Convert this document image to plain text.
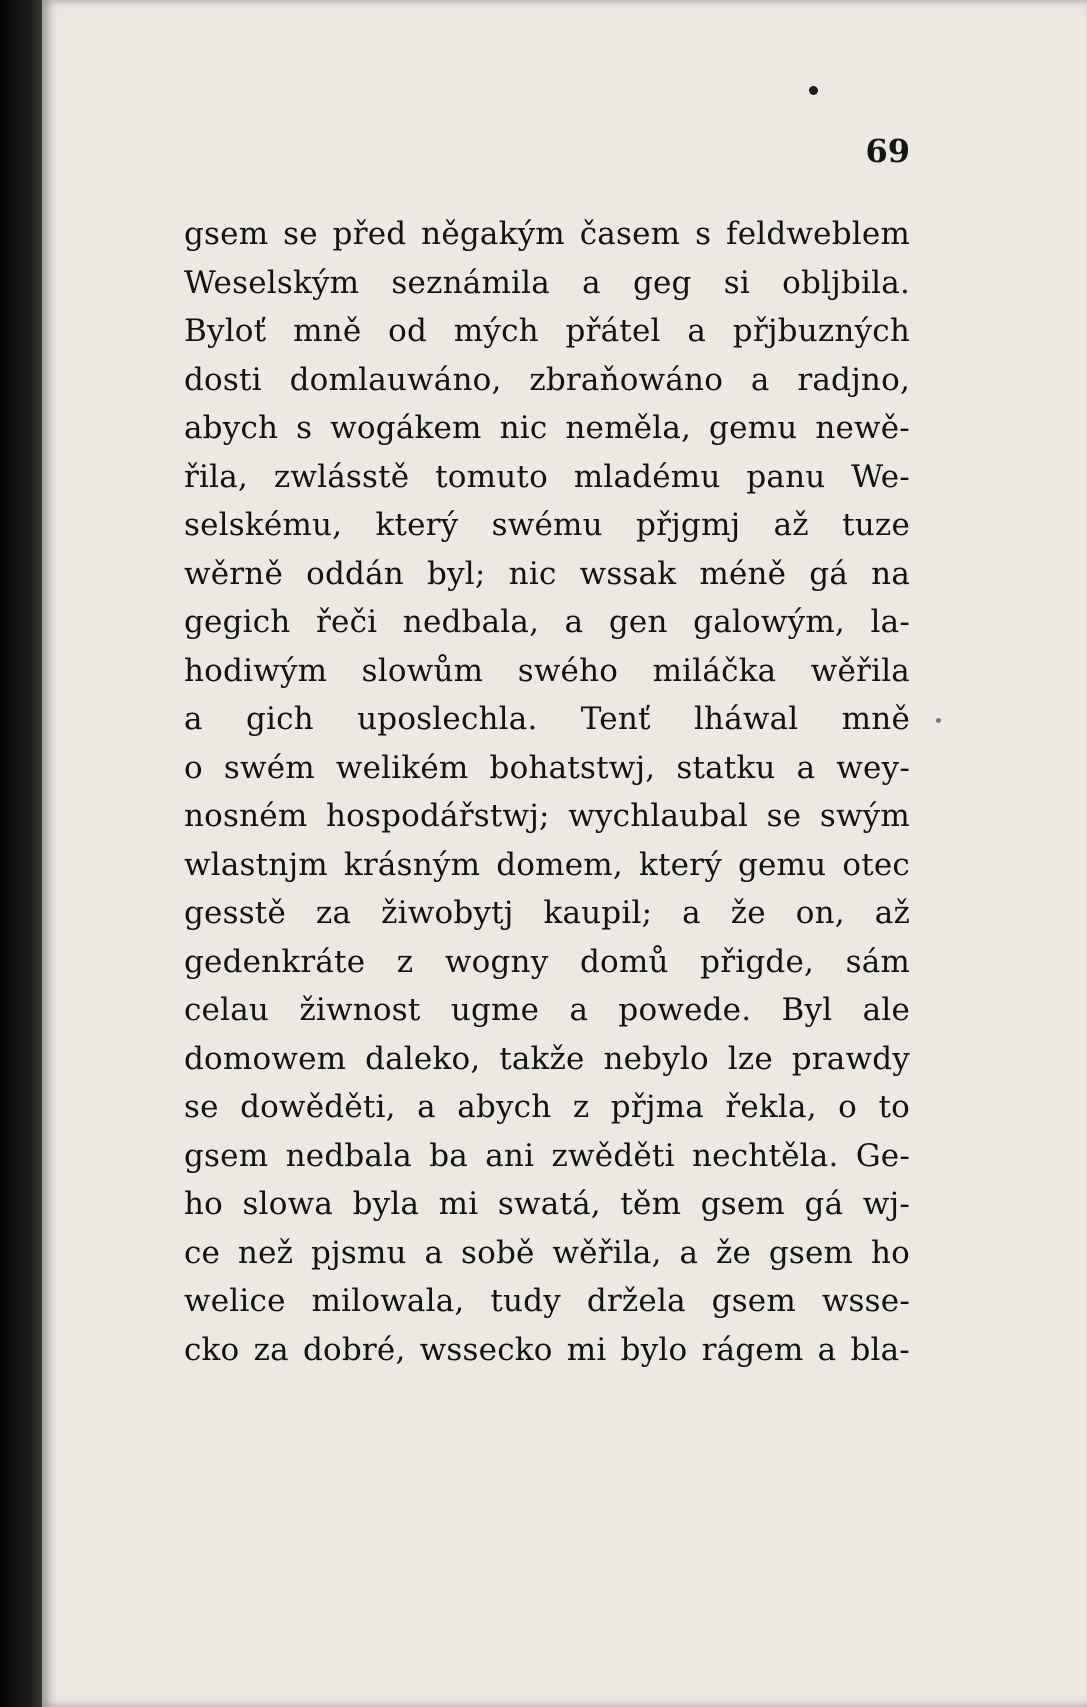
69
gsem se před něgakým časem s feldweblem
Weselským seznámila a geg si obljbila.
Byloť mně od mých přátel a přjbuzných
dosti domlauwáno, zbraňowáno a radjno,
abych s wogákem nic neměla, gemu newě-
řila, zwlásstě tomuto mladému panu We-
selskému, který swému přjgmj až tuze
wěrně oddán byl; nic wssak méně gá na
gegich řeči nedbala, a gen galowým, la-
hodiwým slowům swého miláčka wěřila
a gich uposlechla. Tenť lháwal mně
o swém welikém bohatstwj, statku a wey-
nosném hospodářstwj; wychlaubal se swým
wlastnjm krásným domem, který gemu otec
gesstě za žiwobytj kaupil; a že on, až
gedenkráte z wogny domů přigde, sám
celau žiwnost ugme a powede. Byl ale
domowem daleko, takže nebylo lze prawdy
se dowěděti, a abych z přjma řekla, o to
gsem nedbala ba ani zwěděti nechtěla. Ge-
ho slowa byla mi swatá, těm gsem gá wj-
ce než pjsmu a sobě wěřila, a že gsem ho
welice milowala, tudy držela gsem wsse-
cko za dobré, wssecko mi bylo rágem a bla-
